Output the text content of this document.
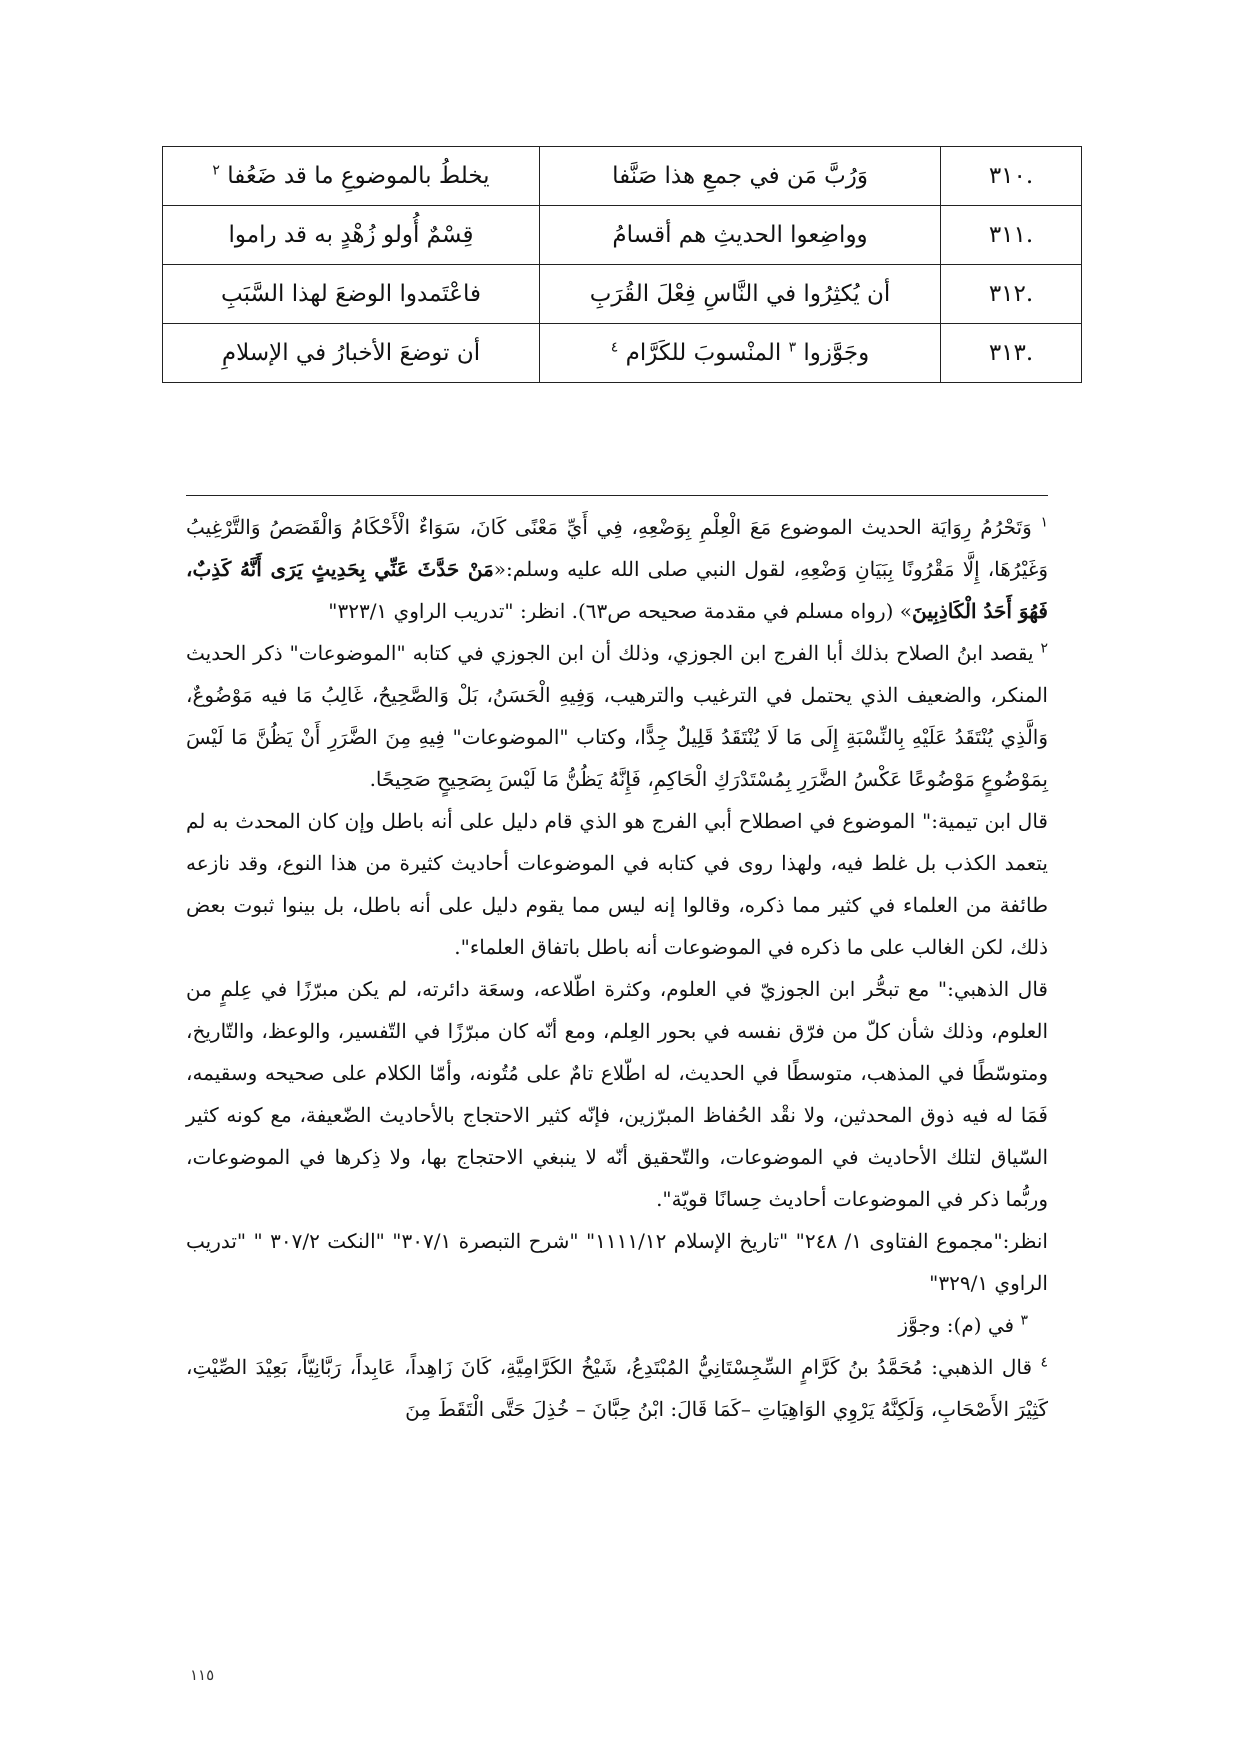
.٣١٠	وَرُبَّ مَن في جمعِ هذا صَنَّفا	يخلطُ بالموضوعِ ما قد ضَعُفا $^٢$
.٣١١	وواضِعوا الحديثِ هم أقسامُ	قِسْمٌ أُولو زُهْدٍ به قد راموا
.٣١٢	أن يُكثِرُوا في النَّاسِ فِعْلَ القُرَبِ	فاعْتَمدوا الوضعَ لهذا السَّبَبِ
.٣١٣	وجَوَّزوا $^٣$ المنْسوبَ للكَرَّام $^٤$	أن توضعَ الأخبارُ في الإسلامِ

$^١$ وَتَحْرُمُ رِوَايَة الحديث الموضوع مَعَ الْعِلْمِ بِوَضْعِهِ، فِي أَيِّ مَعْنًى كَانَ، سَوَاءٌ الْأَحْكَامُ وَالْقَصَصُ وَالتَّرْغِيبُ وَغَيْرُهَا، إِلَّا مَقْرُونًا بِبَيَانِ وَضْعِهِ، لقول النبي صلى الله عليه وسلم:«مَنْ حَدَّثَ عَنِّي بِحَدِيثٍ يَرَى أَنَّهُ كَذِبٌ، فَهُوَ أَحَدُ الْكَاذِبِينَ» (رواه مسلم في مقدمة صحيحه ص٦٣). انظر: "تدريب الراوي ٣٢٣/١"

$^٢$ يقصد ابنُ الصلاح بذلك أبا الفرج ابن الجوزي، وذلك أن ابن الجوزي في كتابه "الموضوعات" ذكر الحديث المنكر، والضعيف الذي يحتمل في الترغيب والترهيب، وَفِيهِ الْحَسَنُ، بَلْ وَالصَّحِيحُ، غَالِبُ مَا فيه مَوْضُوعٌ، وَالَّذِي يُنْتَقَدُ عَلَيْهِ بِالنِّسْبَةِ إِلَى مَا لَا يُنْتَقَدُ قَلِيلٌ جِدًّا، وكتاب "الموضوعات" فِيهِ مِنَ الضَّرَرِ أَنْ يَظُنَّ مَا لَيْسَ بِمَوْضُوعٍ مَوْضُوعًا عَكْسُ الضَّرَرِ بِمُسْتَدْرَكِ الْحَاكِمِ، فَإِنَّهُ يَظُنُّ مَا لَيْسَ بِصَحِيحٍ صَحِيحًا.

قال ابن تيمية:" الموضوع في اصطلاح أبي الفرج هو الذي قام دليل على أنه باطل وإن كان المحدث به لم يتعمد الكذب بل غلط فيه، ولهذا روى في كتابه في الموضوعات أحاديث كثيرة من هذا النوع، وقد نازعه طائفة من العلماء في كثير مما ذكره، وقالوا إنه ليس مما يقوم دليل على أنه باطل، بل بينوا ثبوت بعض ذلك، لكن الغالب على ما ذكره في الموضوعات أنه باطل باتفاق العلماء".

قال الذهبي:" مع تبحُّر ابن الجوزيّ في العلوم، وكثرة اطّلاعه، وسعَة دائرته، لم يكن مبرّزًا في عِلمٍ من العلوم، وذلك شأن كلّ من فرّق نفسه في بحور العِلم، ومع أنّه كان مبرّزًا في التّفسير، والوعظ، والتّاريخ، ومتوسّطًا في المذهب، متوسطًا في الحديث، له اطّلاع تامٌ على مُتُونه، وأمّا الكلام على صحيحه وسقيمه، فَمَا له فيه ذوق المحدثين، ولا نقْد الحُفاظ المبرّزين، فإنّه كثير الاحتجاج بالأحاديث الضّعيفة، مع كونه كثير السّياق لتلك الأحاديث في الموضوعات، والتّحقيق أنّه لا ينبغي الاحتجاج بها، ولا ذِكرها في الموضوعات، وربُّما ذكر في الموضوعات أحاديث حِسانًا قويّة".

انظر:"مجموع الفتاوى ١/ ٢٤٨" "تاريخ الإسلام ١١١١/١٢" "شرح التبصرة ٣٠٧/١" "النكت ٣٠٧/٢ " "تدريب الراوي ٣٢٩/١"

$^٣$ في (م): وجوَّز

$^٤$ قال الذهبي: مُحَمَّدُ بنُ كَرَّامٍ السِّجِسْتَانِيُّ المُبْتَدِعُ، شَيْخُ الكَرَّامِيَّةِ، كَانَ زَاهِداً، عَابِداً، رَبَّانِيّاً، بَعِيْدَ الصِّيْتِ، كَثِيْرَ الأَصْحَابِ، وَلَكِنَّهُ يَرْوِي الوَاهِيَاتِ –كَمَا قَالَ: ابْنُ حِبَّانَ – خُذِلَ حَتَّى الْتَقَطَ مِنَ

١١٥
